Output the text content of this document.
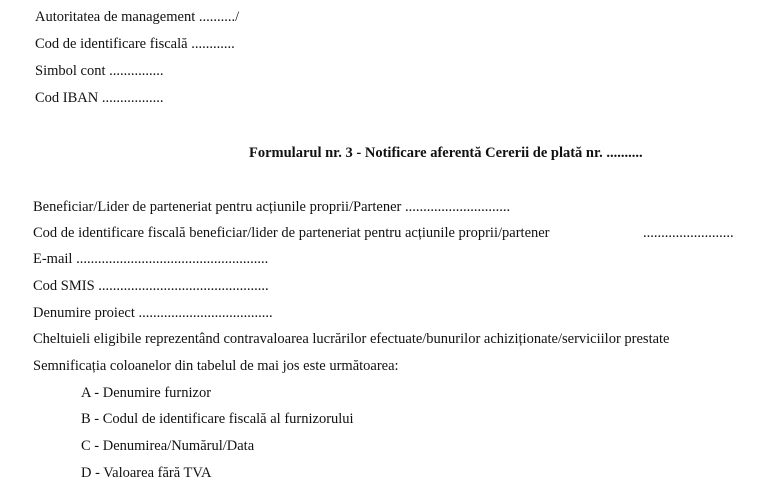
Autoritatea de management ........../
Cod de identificare fiscală ............
Simbol cont ...............
Cod IBAN .................
Formularul nr. 3 - Notificare aferentă Cererii de plată nr. ..........
Beneficiar/Lider de parteneriat pentru acțiunile proprii/Partener .............................
Cod de identificare fiscală beneficiar/lider de parteneriat pentru acțiunile proprii/partener	.........................
E-mail .....................................................
Cod SMIS ...............................................
Denumire proiect .....................................
Cheltuieli eligibile reprezentând contravaloarea lucrărilor efectuate/bunurilor achiziționate/serviciilor prestate
Semnificația coloanelor din tabelul de mai jos este următoarea:
A - Denumire furnizor
B - Codul de identificare fiscală al furnizorului
C - Denumirea/Numărul/Data
D - Valoarea fără TVA
